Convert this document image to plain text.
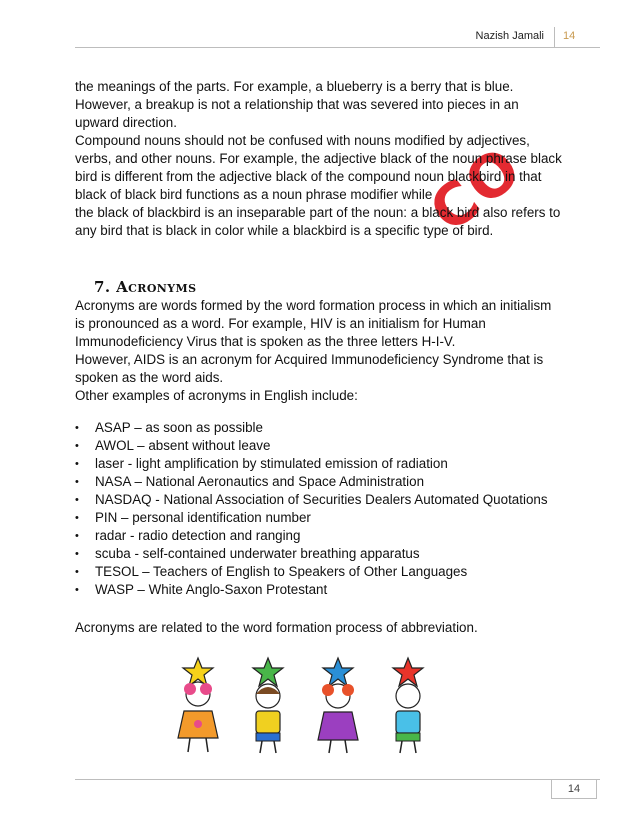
Nazish Jamali	14
CO

the meanings of the parts. For example, a blueberry is a berry that is blue.

However, a breakup is not a relationship that was severed into pieces in an

upward direction.

Compound nouns should not be confused with nouns modified by adjectives,

verbs, and other nouns. For example, the adjective black of the noun phrase black

bird is different from the adjective black of the compound noun blackbird in that

black of black bird functions as a noun phrase modifier while

the black of blackbird is an inseparable part of the noun: a black bird also refers to

any bird that is black in color while a blackbird is a specific type of bird.

7. Acronyms

Acronyms are words formed by the word formation process in which an initialism

is pronounced as a word. For example, HIV is an initialism for Human

Immunodeficiency Virus that is spoken as the three letters H-I-V.

However, AIDS is an acronym for Acquired Immunodeficiency Syndrome that is

spoken as the word aids.

Other examples of acronyms in English include:

• ASAP – as soon as possible
• AWOL – absent without leave
• laser - light amplification by stimulated emission of radiation
• NASA – National Aeronautics and Space Administration
• NASDAQ - National Association of Securities Dealers Automated Quotations
• PIN – personal identification number
• radar - radio detection and ranging
• scuba - self-contained underwater breathing apparatus
• TESOL – Teachers of English to Speakers of Other Languages
• WASP – White Anglo-Saxon Protestant

Acronyms are related to the word formation process of abbreviation.

14
